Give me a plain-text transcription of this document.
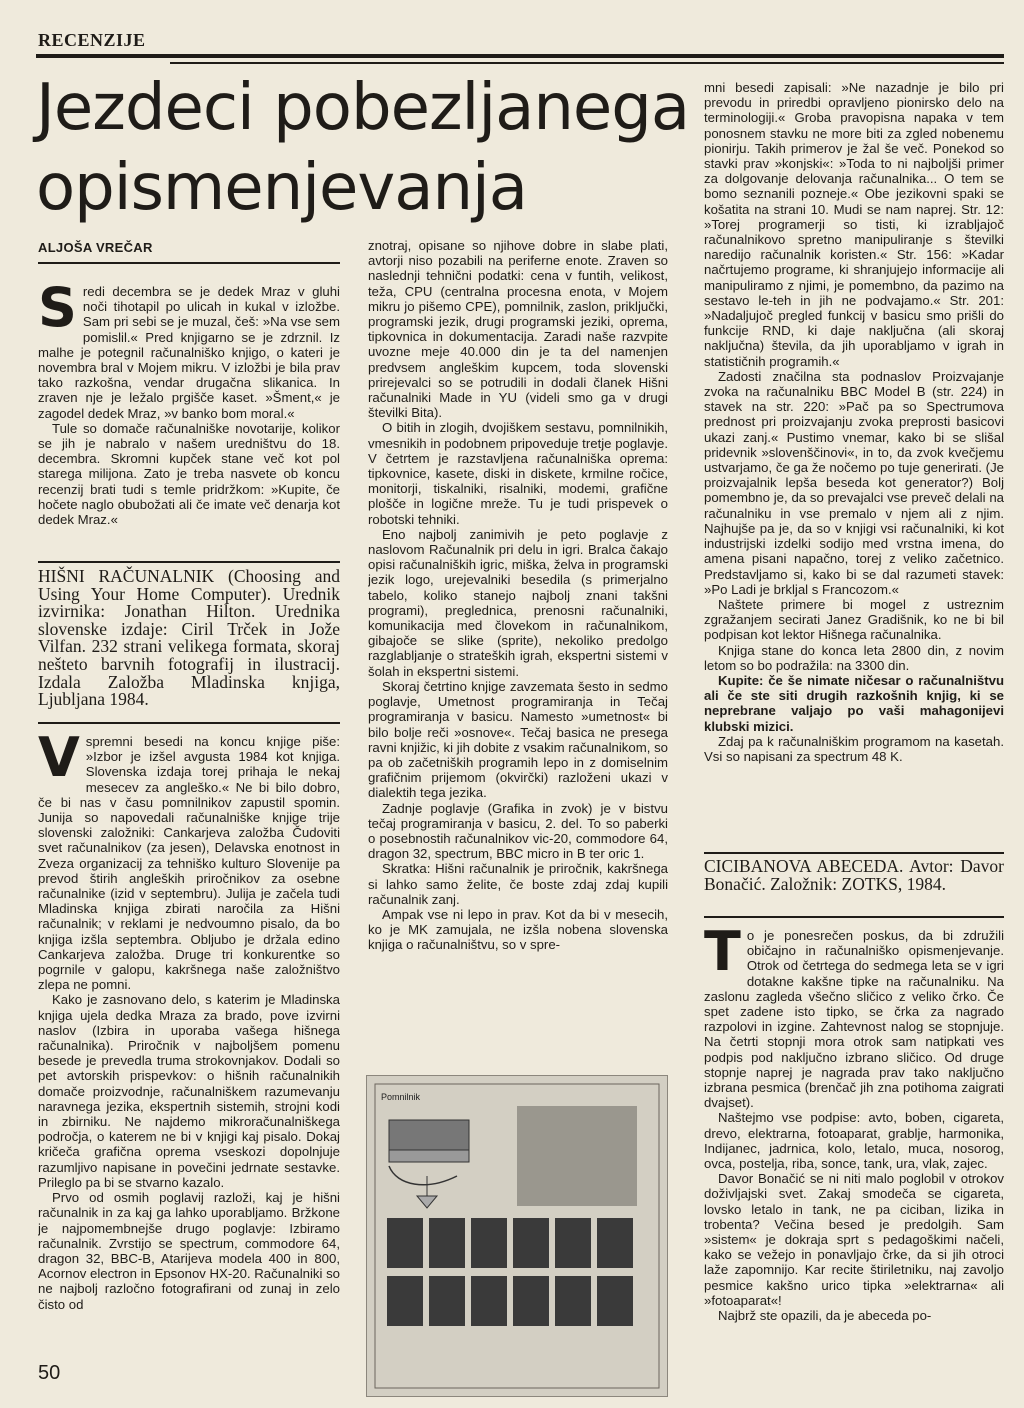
RECENZIJE
Jezdeci pobezljanega
opismenjevanja
ALJOŠA VREČAR

Sredi decembra se je dedek Mraz v gluhi noči tihotapil po ulicah in kukal v izložbe. Sam pri sebi se je muzal, češ: »Na vse sem pomislil.« Pred knjigarno se je zdrznil. Iz malhe je potegnil računalniško knjigo, o kateri je novembra bral v Mojem mikru. V izložbi je bila prav tako razkošna, vendar drugačna slikanica. In zraven nje je ležalo prgišče kaset. »Šment,« je zagodel dedek Mraz, »v banko bom moral.«

Tule so domače računalniške novotarije, kolikor se jih je nabralo v našem uredništvu do 18. decembra. Skromni kupček stane več kot pol starega milijona. Zato je treba nasvete ob koncu recenzij brati tudi s temle pridržkom: »Kupite, če hočete naglo obubožati ali če imate več denarja kot dedek Mraz.«

HIŠNI RAČUNALNIK (Choosing and Using Your Home Computer). Urednik izvirnika: Jonathan Hilton. Urednika slovenske izdaje: Ciril Trček in Jože Vilfan. 232 strani velikega formata, skoraj nešteto barvnih fotografij in ilustracij. Izdala Založba Mladinska knjiga, Ljubljana 1984.

Vspremni besedi na koncu knjige piše: »Izbor je izšel avgusta 1984 kot knjiga. Slovenska izdaja torej prihaja le nekaj mesecev za angleško.« Ne bi bilo dobro, če bi nas v času pomnilnikov zapustil spomin. Junija so napovedali računalniške knjige trije slovenski založniki: Cankarjeva založba Čudoviti svet računalnikov (za jesen), Delavska enotnost in Zveza organizacij za tehniško kulturo Slovenije pa prevod štirih angleških priročnikov za osebne računalnike (izid v septembru). Julija je začela tudi Mladinska knjiga zbirati naročila za Hišni računalnik; v reklami je nedvoumno pisalo, da bo knjiga izšla septembra. Obljubo je držala edino Cankarjeva založba. Druge tri konkurentke so pogrnile v galopu, kakršnega naše založništvo zlepa ne pomni.

Kako je zasnovano delo, s katerim je Mladinska knjiga ujela dedka Mraza za brado, pove izvirni naslov (Izbira in uporaba vašega hišnega računalnika). Priročnik v najboljšem pomenu besede je prevedla truma strokovnjakov. Dodali so pet avtorskih prispevkov: o hišnih računalnikih domače proizvodnje, računalniškem razumevanju naravnega jezika, ekspertnih sistemih, strojni kodi in zbirniku. Ne najdemo mikroračunalniškega področja, o katerem ne bi v knjigi kaj pisalo. Dokaj kričeča grafična oprema vseskozi dopolnjuje razumljivo napisane in povečini jedrnate sestavke. Prileglo pa bi se stvarno kazalo.

Prvo od osmih poglavij razloži, kaj je hišni računalnik in za kaj ga lahko uporabljamo. Bržkone je najpomembnejše drugo poglavje: Izbiramo računalnik. Zvrstijo se spectrum, commodore 64, dragon 32, BBC-B, Atarijeva modela 400 in 800, Acornov electron in Epsonov HX-20. Računalniki so ne najbolj razločno fotografirani od zunaj in zelo čisto od

znotraj, opisane so njihove dobre in slabe plati, avtorji niso pozabili na periferne enote. Zraven so naslednji tehnični podatki: cena v funtih, velikost, teža, CPU (centralna procesna enota, v Mojem mikru jo pišemo CPE), pomnilnik, zaslon, priključki, programski jezik, drugi programski jeziki, oprema, tipkovnica in dokumentacija. Zaradi naše razvpite uvozne meje 40.000 din je ta del namenjen predvsem angleškim kupcem, toda slovenski prirejevalci so se potrudili in dodali članek Hišni računalniki Made in YU (videli smo ga v drugi številki Bita).

O bitih in zlogih, dvojiškem sestavu, pomnilnikih, vmesnikih in podobnem pripoveduje tretje poglavje. V četrtem je razstavljena računalniška oprema: tipkovnice, kasete, diski in diskete, krmilne ročice, monitorji, tiskalniki, risalniki, modemi, grafične plošče in logične mreže. Tu je tudi prispevek o robotski tehniki.

Eno najbolj zanimivih je peto poglavje z naslovom Računalnik pri delu in igri. Bralca čakajo opisi računalniških igric, miška, želva in programski jezik logo, urejevalniki besedila (s primerjalno tabelo, koliko stanejo najbolj znani takšni programi), preglednica, prenosni računalniki, komunikacija med človekom in računalnikom, gibajoče se slike (sprite), nekoliko predolgo razglabljanje o strateških igrah, ekspertni sistemi v šolah in ekspertni sistemi.

Skoraj četrtino knjige zavzemata šesto in sedmo poglavje, Umetnost programiranja in Tečaj programiranja v basicu. Namesto »umetnost« bi bilo bolje reči »osnove«. Tečaj basica ne presega ravni knjižic, ki jih dobite z vsakim računalnikom, so pa ob začetniških programih lepo in z domiselnim grafičnim prijemom (okvirčki) razloženi ukazi v dialektih tega jezika.

Zadnje poglavje (Grafika in zvok) je v bistvu tečaj programiranja v basicu, 2. del. To so paberki o posebnostih računalnikov vic-20, commodore 64, dragon 32, spectrum, BBC micro in B ter oric 1.

Skratka: Hišni računalnik je priročnik, kakršnega si lahko samo želite, če boste zdaj zdaj kupili računalnik zanj.

Ampak vse ni lepo in prav. Kot da bi v mesecih, ko je MK zamujala, ne izšla nobena slovenska knjiga o računalništvu, so v spre-

Pomnilnik

mni besedi zapisali: »Ne nazadnje je bilo pri prevodu in priredbi opravljeno pionirsko delo na terminologiji.« Groba pravopisna napaka v tem ponosnem stavku ne more biti za zgled nobenemu pionirju. Takih primerov je žal še več. Ponekod so stavki prav »konjski«: »Toda to ni najboljši primer za dolgovanje delovanja računalnika... O tem se bomo seznanili pozneje.« Obe jezikovni spaki se košatita na strani 10. Mudi se nam naprej. Str. 12: »Torej programerji so tisti, ki izrabljajoč računalnikovo spretno manipuliranje s številki naredijo računalnik koristen.« Str. 156: »Kadar načrtujemo programe, ki shranjujejo informacije ali manipuliramo z njimi, je pomembno, da pazimo na sestavo le-teh in jih ne podvajamo.« Str. 201: »Nadaljujoč pregled funkcij v basicu smo prišli do funkcije RND, ki daje naključna (ali skoraj naključna) števila, da jih uporabljamo v igrah in statističnih programih.«

Zadosti značilna sta podnaslov Proizvajanje zvoka na računalniku BBC Model B (str. 224) in stavek na str. 220: »Pač pa so Spectrumova prednost pri proizvajanju zvoka preprosti basicovi ukazi zanj.« Pustimo vnemar, kako bi se slišal pridevnik »slovenščinovi«, in to, da zvok kvečjemu ustvarjamo, če ga že nočemo po tuje generirati. (Je proizvajalnik lepša beseda kot generator?) Bolj pomembno je, da so prevajalci vse preveč delali na računalniku in vse premalo v njem ali z njim. Najhujše pa je, da so v knjigi vsi računalniki, ki kot industrijski izdelki sodijo med vrstna imena, do amena pisani napačno, torej z veliko začetnico. Predstavljamo si, kako bi se dal razumeti stavek: »Po Ladi je brkljal s Francozom.«

Naštete primere bi mogel z ustreznim zgražanjem secirati Janez Gradišnik, ko ne bi bil podpisan kot lektor Hišnega računalnika.

Knjiga stane do konca leta 2800 din, z novim letom so bo podražila: na 3300 din.

Kupite: če še nimate ničesar o računalništvu ali če ste siti drugih razkošnih knjig, ki se neprebrane valjajo po vaši mahagonijevi klubski mizici.

Zdaj pa k računalniškim programom na kasetah. Vsi so napisani za spectrum 48 K.

CICIBANOVA ABECEDA. Avtor: Davor Bonačić. Založnik: ZOTKS, 1984.

To je ponesrečen poskus, da bi združili običajno in računalniško opismenjevanje. Otrok od četrtega do sedmega leta se v igri dotakne kakšne tipke na računalniku. Na zaslonu zagleda všečno sličico z veliko črko. Če spet zadene isto tipko, se črka za nagrado razpolovi in izgine. Zahtevnost nalog se stopnjuje. Na četrti stopnji mora otrok sam natipkati ves podpis pod naključno izbrano sličico. Od druge stopnje naprej je nagrada prav tako naključno izbrana pesmica (brenčač jih zna potihoma zaigrati dvajset).

Naštejmo vse podpise: avto, boben, cigareta, drevo, elektrarna, fotoaparat, grablje, harmonika, Indijanec, jadrnica, kolo, letalo, muca, nosorog, ovca, postelja, riba, sonce, tank, ura, vlak, zajec.

Davor Bonačić se ni niti malo poglobil v otrokov doživljajski svet. Zakaj smodeča se cigareta, lovsko letalo in tank, ne pa ciciban, lizika in trobenta? Večina besed je predolgih. Sam »sistem« je dokraja sprt s pedagoškimi načeli, kako se vežejo in ponavljajo črke, da si jih otroci laže zapomnijo. Kar recite štiriletniku, naj zavoljo pesmice kakšno urico tipka »elektrarna« ali »fotoaparat«!

Najbrž ste opazili, da je abeceda po-

50
